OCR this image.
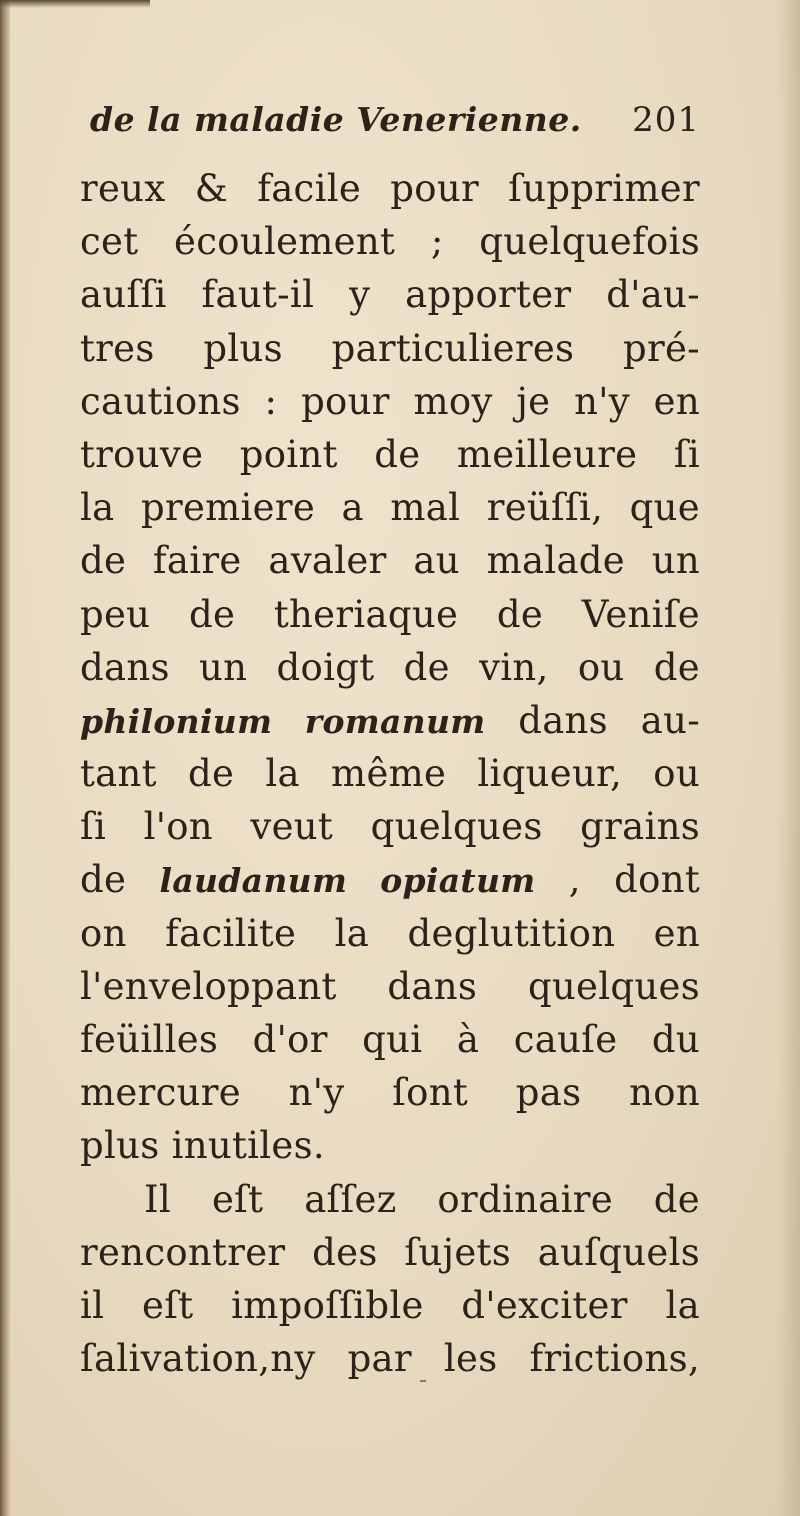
de la maladie Venerienne. 201
reux & facile pour ſupprimer
cet écoulement ; quelquefois
auſſi faut-il y apporter d'au-
tres plus particulieres pré-
cautions : pour moy je n'y en
trouve point de meilleure ſi
la premiere a mal reüſſi, que
de faire avaler au malade un
peu de theriaque de Veniſe
dans un doigt de vin, ou de
philonium romanum dans au-
tant de la même liqueur, ou
ſi l'on veut quelques grains
de laudanum opiatum , dont
on facilite la deglutition en
l'enveloppant dans quelques
feüilles d'or qui à cauſe du
mercure n'y ſont pas non
plus inutiles.
Il eſt aſſez ordinaire de
rencontrer des ſujets auſquels
il eſt impoſſible d'exciter la
ſalivation,ny par les frictions,
